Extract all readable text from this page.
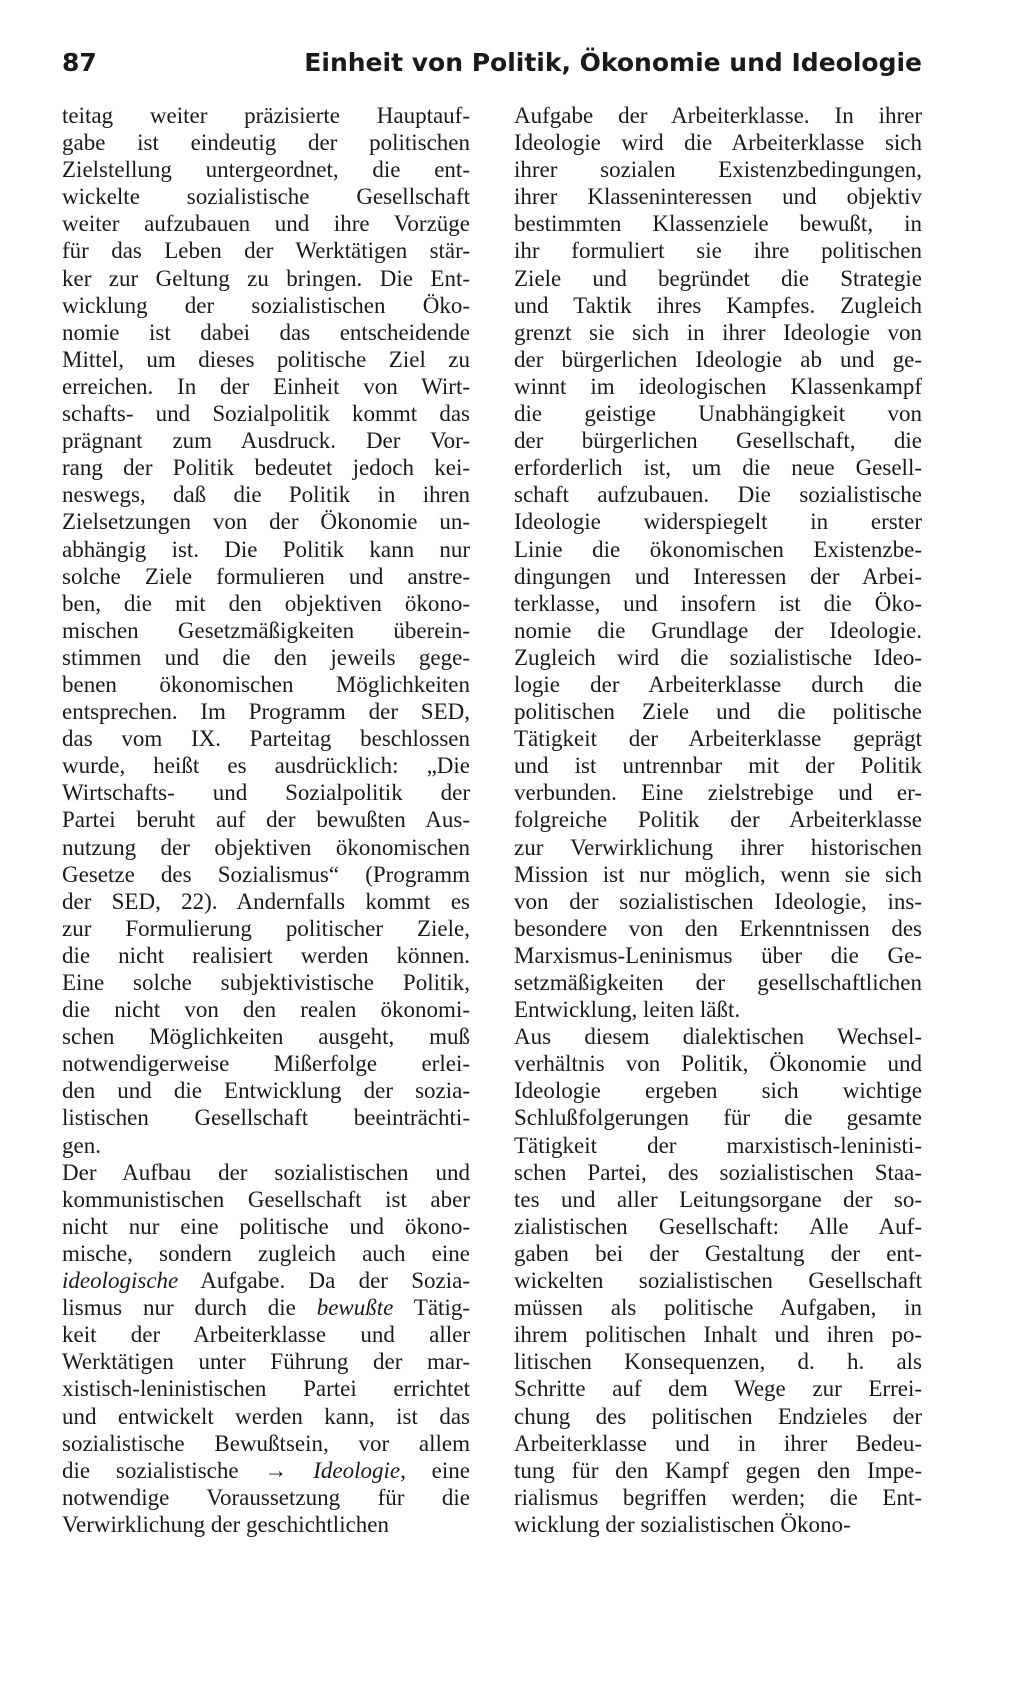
87	Einheit von Politik, Ökonomie und Ideologie
teitag weiter präzisierte Hauptauf-
gabe ist eindeutig der politischen
Zielstellung untergeordnet, die ent-
wickelte sozialistische Gesellschaft
weiter aufzubauen und ihre Vorzüge
für das Leben der Werktätigen stär-
ker zur Geltung zu bringen. Die Ent-
wicklung der sozialistischen Öko-
nomie ist dabei das entscheidende
Mittel, um dieses politische Ziel zu
erreichen. In der Einheit von Wirt-
schafts- und Sozialpolitik kommt das
prägnant zum Ausdruck. Der Vor-
rang der Politik bedeutet jedoch kei-
neswegs, daß die Politik in ihren
Zielsetzungen von der Ökonomie un-
abhängig ist. Die Politik kann nur
solche Ziele formulieren und anstre-
ben, die mit den objektiven ökono-
mischen Gesetzmäßigkeiten überein-
stimmen und die den jeweils gege-
benen ökonomischen Möglichkeiten
entsprechen. Im Programm der SED,
das vom IX. Parteitag beschlossen
wurde, heißt es ausdrücklich: „Die
Wirtschafts- und Sozialpolitik der
Partei beruht auf der bewußten Aus-
nutzung der objektiven ökonomischen
Gesetze des Sozialismus“ (Programm
der SED, 22). Andernfalls kommt es
zur Formulierung politischer Ziele,
die nicht realisiert werden können.
Eine solche subjektivistische Politik,
die nicht von den realen ökonomi-
schen Möglichkeiten ausgeht, muß
notwendigerweise Mißerfolge erlei-
den und die Entwicklung der sozia-
listischen Gesellschaft beeinträchti-
gen.
Der Aufbau der sozialistischen und
kommunistischen Gesellschaft ist aber
nicht nur eine politische und ökono-
mische, sondern zugleich auch eine
ideologische Aufgabe. Da der Sozia-
lismus nur durch die bewußte Tätig-
keit der Arbeiterklasse und aller
Werktätigen unter Führung der mar-
xistisch-leninistischen Partei errichtet
und entwickelt werden kann, ist das
sozialistische Bewußtsein, vor allem
die sozialistische → Ideologie, eine
notwendige Voraussetzung für die
Verwirklichung der geschichtlichen
Aufgabe der Arbeiterklasse. In ihrer
Ideologie wird die Arbeiterklasse sich
ihrer sozialen Existenzbedingungen,
ihrer Klasseninteressen und objektiv
bestimmten Klassenziele bewußt, in
ihr formuliert sie ihre politischen
Ziele und begründet die Strategie
und Taktik ihres Kampfes. Zugleich
grenzt sie sich in ihrer Ideologie von
der bürgerlichen Ideologie ab und ge-
winnt im ideologischen Klassenkampf
die geistige Unabhängigkeit von
der bürgerlichen Gesellschaft, die
erforderlich ist, um die neue Gesell-
schaft aufzubauen. Die sozialistische
Ideologie widerspiegelt in erster
Linie die ökonomischen Existenzbe-
dingungen und Interessen der Arbei-
terklasse, und insofern ist die Öko-
nomie die Grundlage der Ideologie.
Zugleich wird die sozialistische Ideo-
logie der Arbeiterklasse durch die
politischen Ziele und die politische
Tätigkeit der Arbeiterklasse geprägt
und ist untrennbar mit der Politik
verbunden. Eine zielstrebige und er-
folgreiche Politik der Arbeiterklasse
zur Verwirklichung ihrer historischen
Mission ist nur möglich, wenn sie sich
von der sozialistischen Ideologie, ins-
besondere von den Erkenntnissen des
Marxismus-Leninismus über die Ge-
setzmäßigkeiten der gesellschaftlichen
Entwicklung, leiten läßt.
Aus diesem dialektischen Wechsel-
verhältnis von Politik, Ökonomie und
Ideologie ergeben sich wichtige
Schlußfolgerungen für die gesamte
Tätigkeit der marxistisch-leninisti-
schen Partei, des sozialistischen Staa-
tes und aller Leitungsorgane der so-
zialistischen Gesellschaft: Alle Auf-
gaben bei der Gestaltung der ent-
wickelten sozialistischen Gesellschaft
müssen als politische Aufgaben, in
ihrem politischen Inhalt und ihren po-
litischen Konsequenzen, d. h. als
Schritte auf dem Wege zur Errei-
chung des politischen Endzieles der
Arbeiterklasse und in ihrer Bedeu-
tung für den Kampf gegen den Impe-
rialismus begriffen werden; die Ent-
wicklung der sozialistischen Ökono-
